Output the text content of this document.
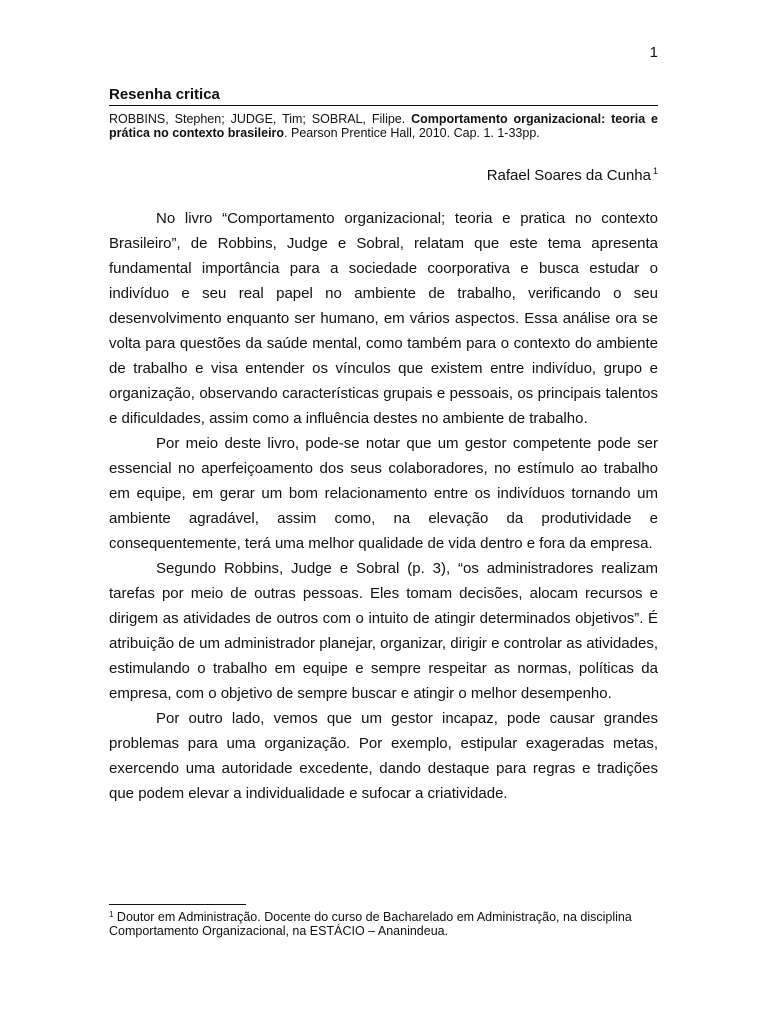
1
Resenha critica
ROBBINS, Stephen; JUDGE, Tim; SOBRAL, Filipe. Comportamento organizacional: teoria e prática no contexto brasileiro. Pearson Prentice Hall, 2010. Cap. 1. 1-33pp.
Rafael Soares da Cunha $^1$

No livro “Comportamento organizacional; teoria e pratica no contexto Brasileiro”, de Robbins, Judge e Sobral, relatam que este tema apresenta fundamental importância para a sociedade coorporativa e busca estudar o indivíduo e seu real papel no ambiente de trabalho, verificando o seu desenvolvimento enquanto ser humano, em vários aspectos. Essa análise ora se volta para questões da saúde mental, como também para o contexto do ambiente de trabalho e visa entender os vínculos que existem entre indivíduo, grupo e organização, observando características grupais e pessoais, os principais talentos e dificuldades, assim como a influência destes no ambiente de trabalho.

Por meio deste livro, pode-se notar que um gestor competente pode ser essencial no aperfeiçoamento dos seus colaboradores, no estímulo ao trabalho em equipe, em gerar um bom relacionamento entre os indivíduos tornando um ambiente agradável, assim como, na elevação da produtividade e consequentemente, terá uma melhor qualidade de vida dentro e fora da empresa.

Segundo Robbins, Judge e Sobral (p. 3), “os administradores realizam tarefas por meio de outras pessoas. Eles tomam decisões, alocam recursos e dirigem as atividades de outros com o intuito de atingir determinados objetivos”. É atribuição de um administrador planejar, organizar, dirigir e controlar as atividades, estimulando o trabalho em equipe e sempre respeitar as normas, políticas da empresa, com o objetivo de sempre buscar e atingir o melhor desempenho.

Por outro lado, vemos que um gestor incapaz, pode causar grandes problemas para uma organização. Por exemplo, estipular exageradas metas, exercendo uma autoridade excedente, dando destaque para regras e tradições que podem elevar a individualidade e sufocar a criatividade.

$^1$ Doutor em Administração. Docente do curso de Bacharelado em Administração, na disciplina Comportamento Organizacional, na ESTÁCIO – Ananindeua.
